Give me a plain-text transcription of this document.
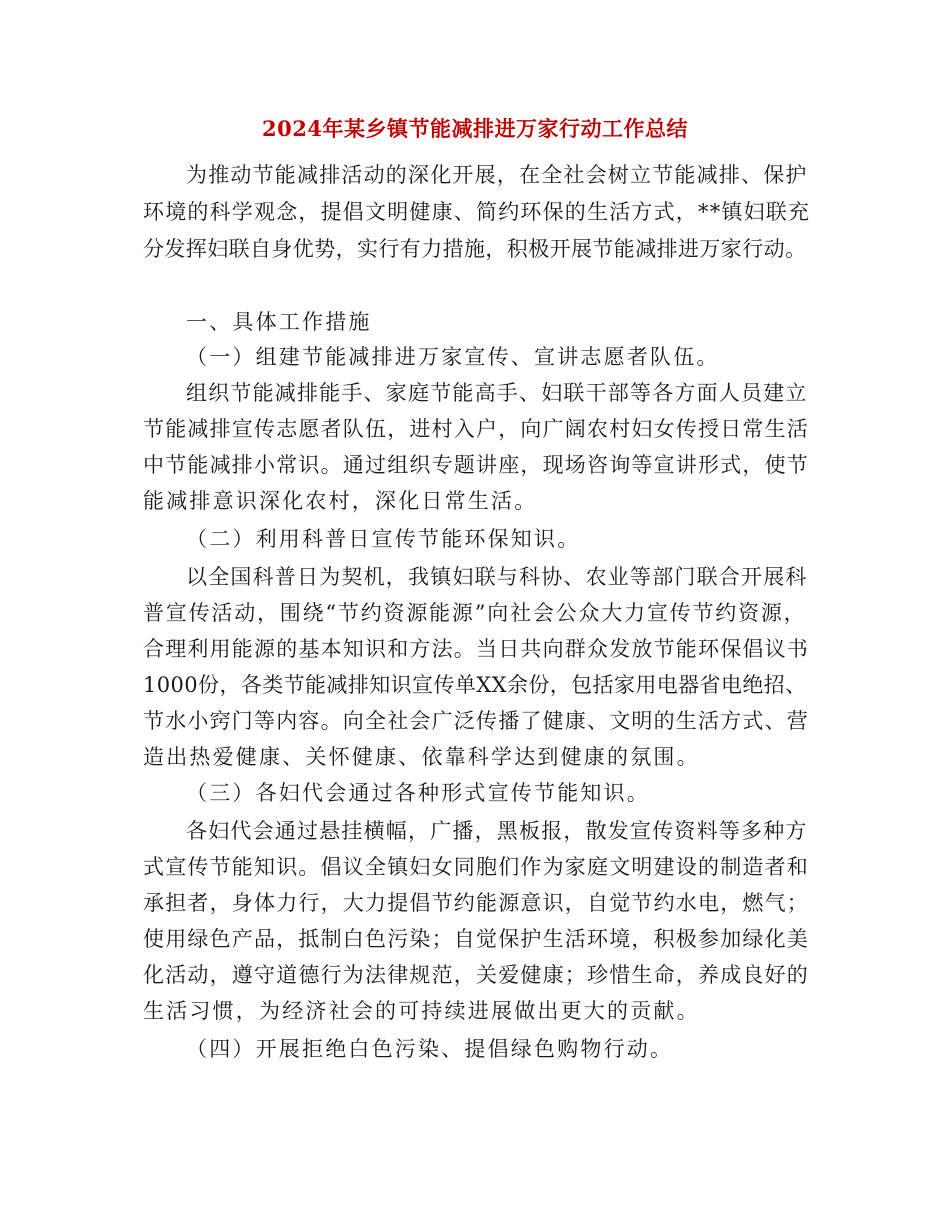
2024年某乡镇节能减排进万家行动工作总结
为推动节能减排活动的深化开展，在全社会树立节能减排、保护
环境的科学观念，提倡文明健康、简约环保的生活方式，**镇妇联充
分发挥妇联自身优势，实行有力措施，积极开展节能减排进万家行动。
一、具体工作措施
（一）组建节能减排进万家宣传、宣讲志愿者队伍。
组织节能减排能手、家庭节能高手、妇联干部等各方面人员建立
节能减排宣传志愿者队伍，进村入户，向广阔农村妇女传授日常生活
中节能减排小常识。通过组织专题讲座，现场咨询等宣讲形式，使节
能减排意识深化农村，深化日常生活。
（二）利用科普日宣传节能环保知识。
以全国科普日为契机，我镇妇联与科协、农业等部门联合开展科
普宣传活动，围绕“节约资源能源”向社会公众大力宣传节约资源，
合理利用能源的基本知识和方法。当日共向群众发放节能环保倡议书
1000份，各类节能减排知识宣传单XX余份，包括家用电器省电绝招、
节水小窍门等内容。向全社会广泛传播了健康、文明的生活方式、营
造出热爱健康、关怀健康、依靠科学达到健康的氛围。
（三）各妇代会通过各种形式宣传节能知识。
各妇代会通过悬挂横幅，广播，黑板报，散发宣传资料等多种方
式宣传节能知识。倡议全镇妇女同胞们作为家庭文明建设的制造者和
承担者，身体力行，大力提倡节约能源意识，自觉节约水电，燃气；
使用绿色产品，抵制白色污染；自觉保护生活环境，积极参加绿化美
化活动，遵守道德行为法律规范，关爱健康；珍惜生命，养成良好的
生活习惯，为经济社会的可持续进展做出更大的贡献。
（四）开展拒绝白色污染、提倡绿色购物行动。
